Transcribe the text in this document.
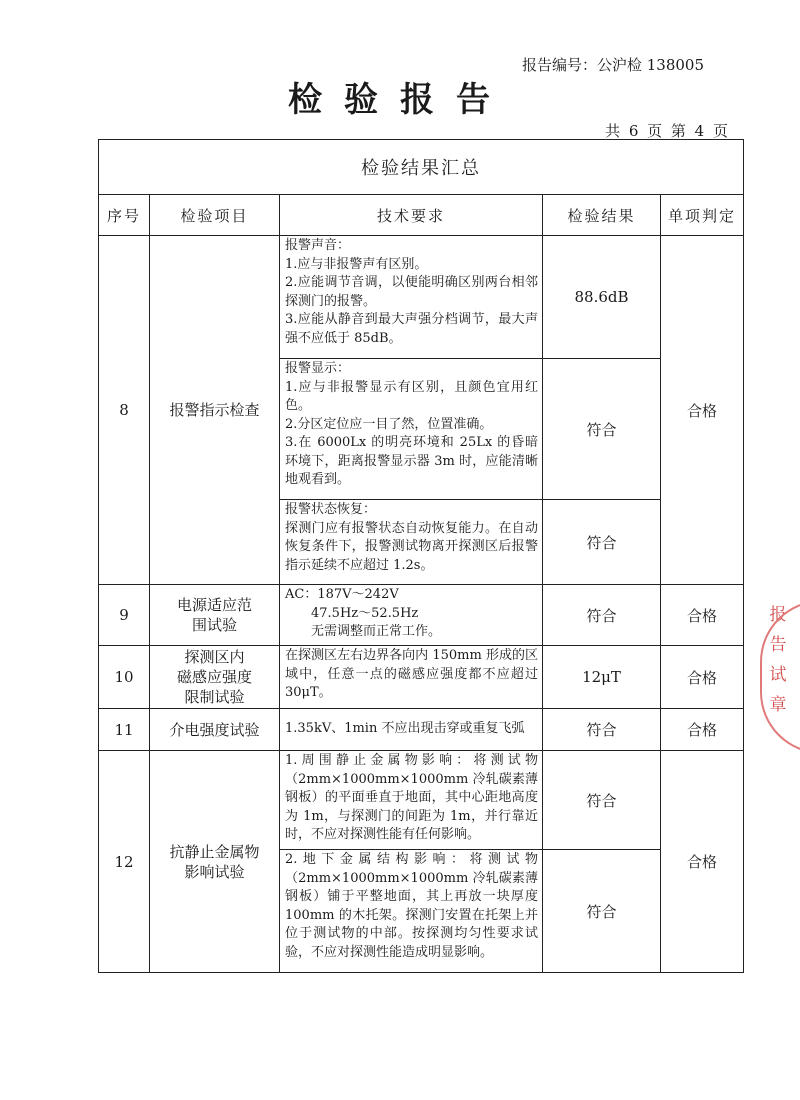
报告编号：公沪检 138005
检验报告
共 6 页 第 4 页
检验结果汇总				
序号	检验项目	技术要求	检验结果	单项判定
8	报警指示检查	报警声音：
1.应与非报警声有区别。
2.应能调节音调，以便能明确区别两台相邻探测门的报警。
3.应能从静音到最大声强分档调节，最大声强不应低于 85dB。	88.6dB	合格

		报警显示：
1.应与非报警显示有区别，且颜色宜用红色。
2.分区定位应一目了然，位置准确。
3.在 6000Lx 的明亮环境和 25Lx 的昏暗环境下，距离报警显示器 3m 时，应能清晰地观看到。	符合	

		报警状态恢复：
探测门应有报警状态自动恢复能力。在自动恢复条件下，报警测试物离开探测区后报警指示延续不应超过 1.2s。	符合	
9	电源适应范围试验	AC：187V～242V
47.5Hz～52.5Hz
无需调整而正常工作。	符合	合格
10	探测区内
磁感应强度
限制试验	在探测区左右边界各向内 150mm 形成的区域中，任意一点的磁感应强度都不应超过 30μT。	12μT	合格
11	介电强度试验	1.35kV、1min 不应出现击穿或重复飞弧	符合	合格
12	抗静止金属物
影响试验	1.周围静止金属物影响：将测试物（2mm×1000mm×1000mm 冷轧碳素薄钢板）的平面垂直于地面，其中心距地高度为 1m，与探测门的间距为 1m，并行靠近时，不应对探测性能有任何影响。	符合	合格
		2.地下金属结构影响：将测试物（2mm×1000mm×1000mm 冷轧碳素薄钢板）铺于平整地面，其上再放一块厚度 100mm 的木托架。探测门安置在托架上并位于测试物的中部。按探测均匀性要求试验，不应对探测性能造成明显影响。	符合	
报
告
试
章
